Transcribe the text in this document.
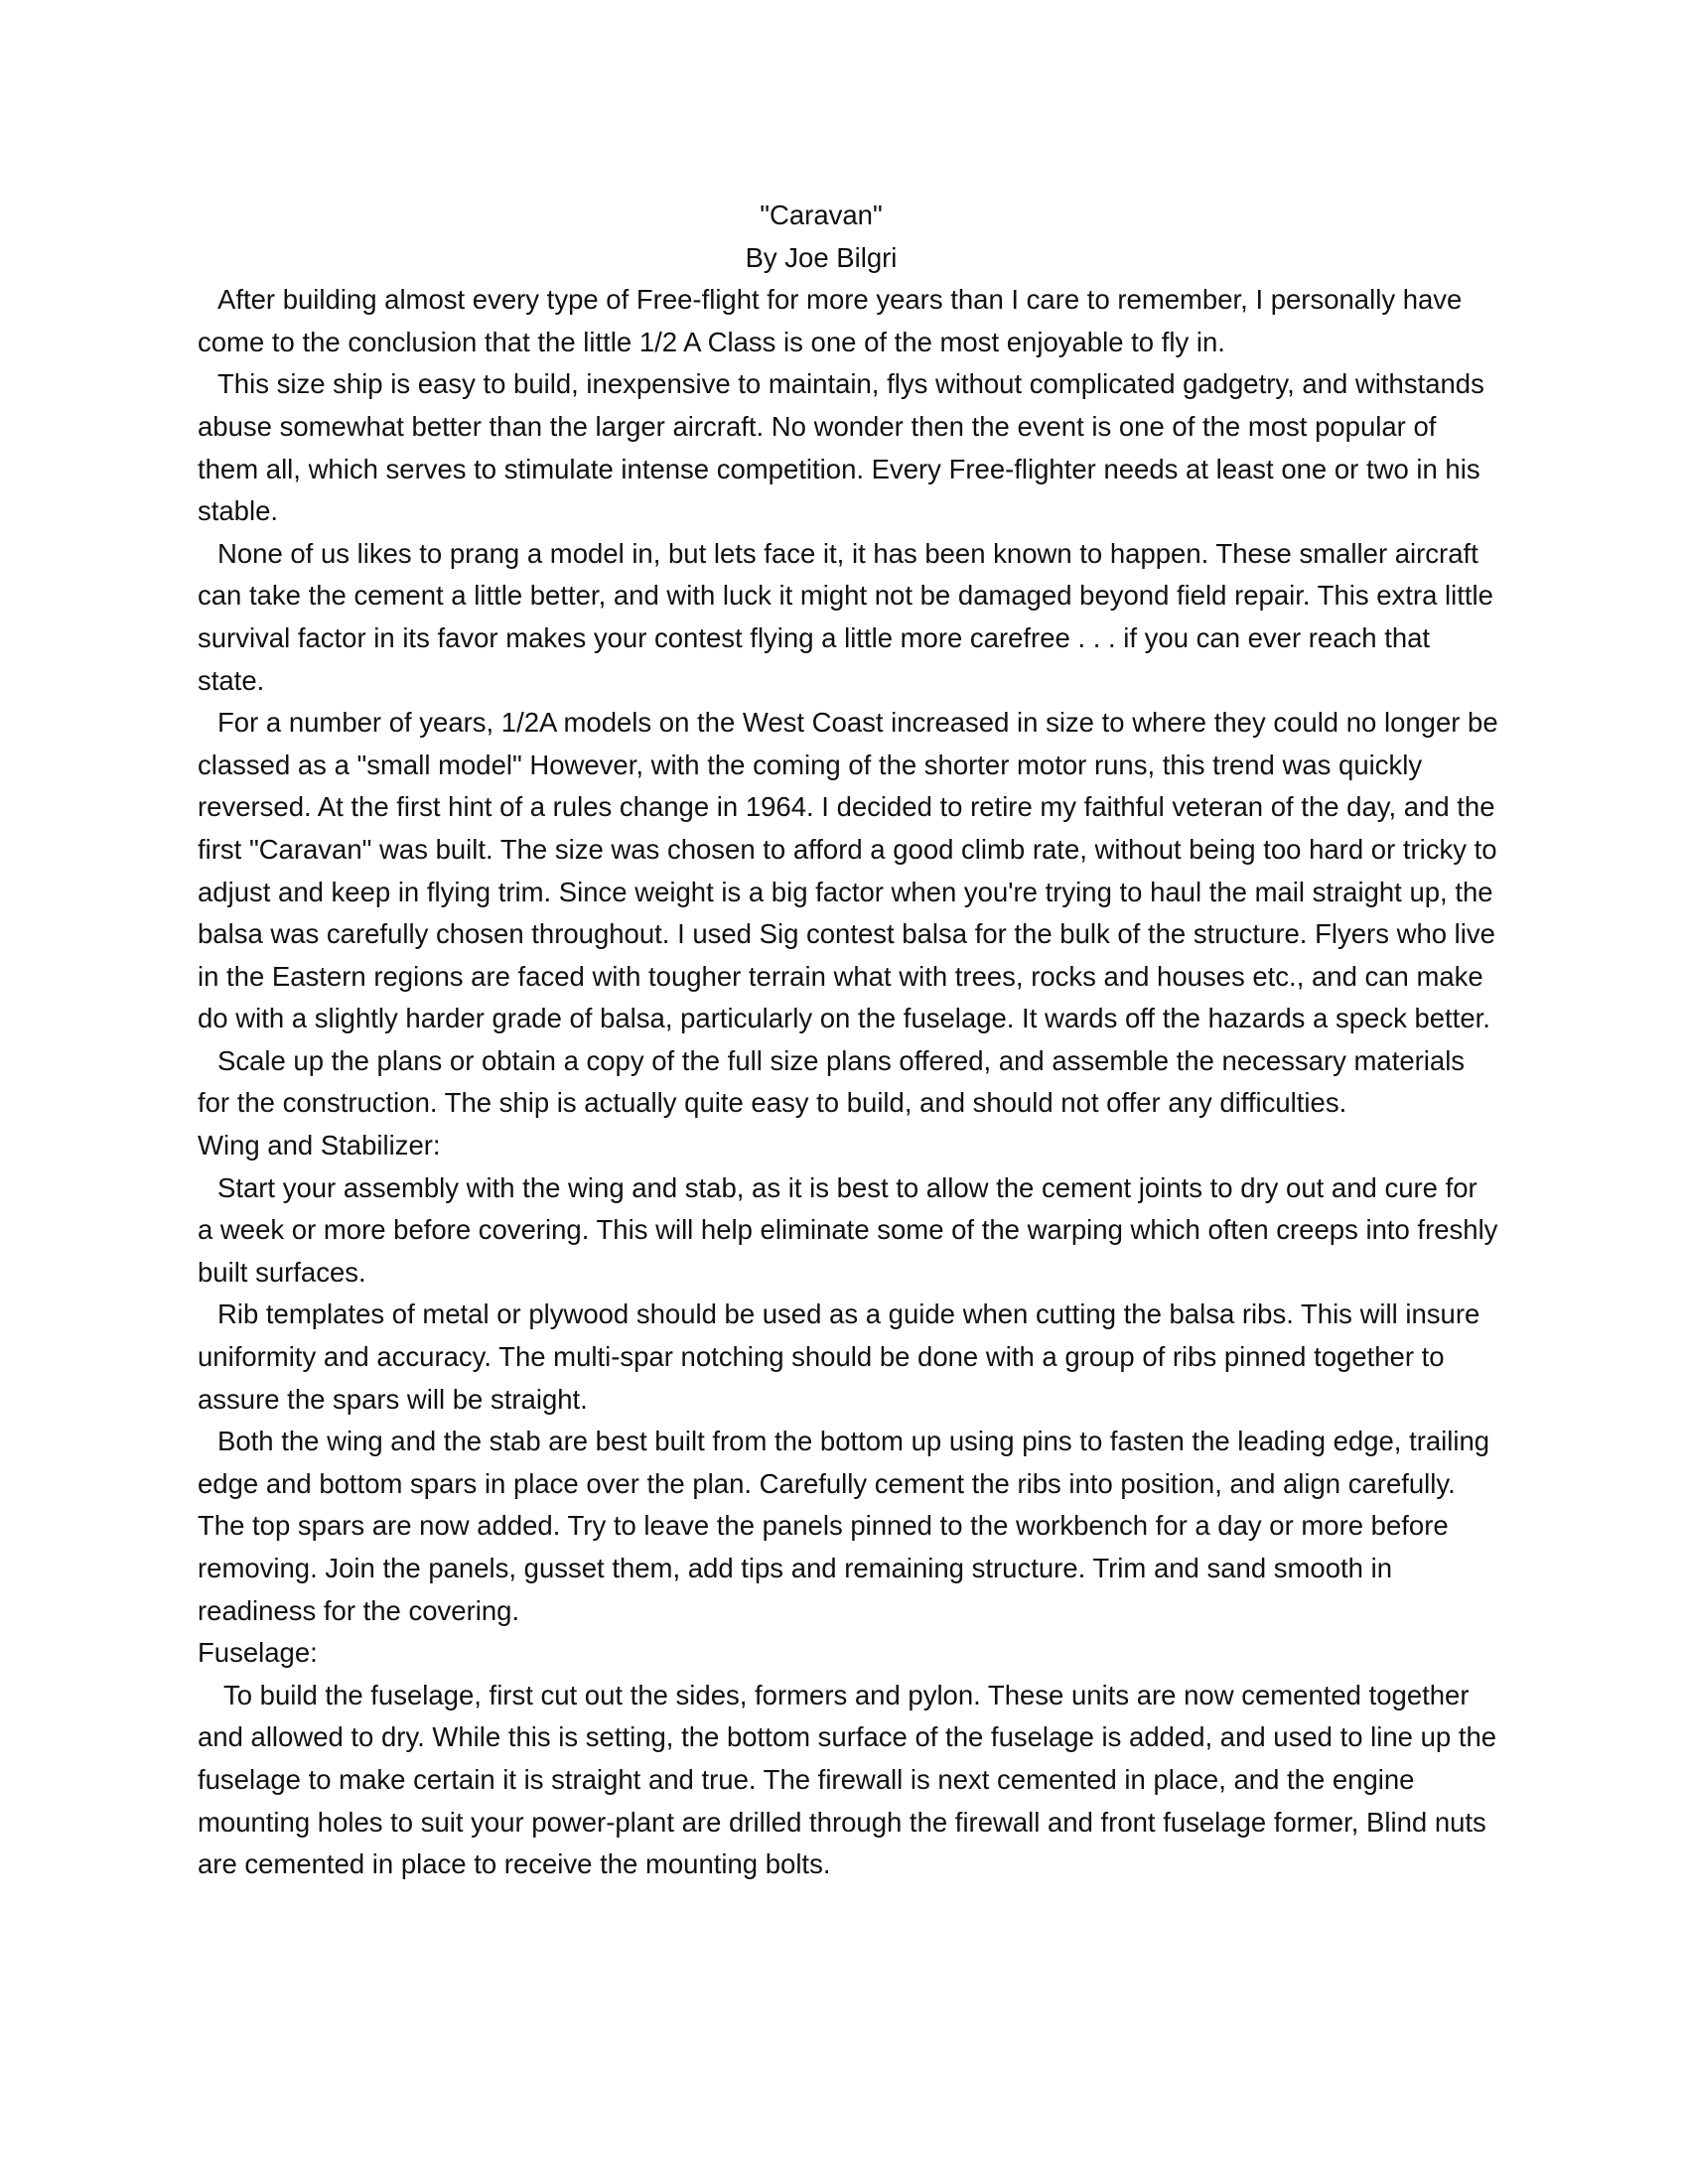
"Caravan"
By Joe Bilgri

After building almost every type of Free-flight for more years than I care to remember, I personally have come to the conclusion that the little 1/2 A Class is one of the most enjoyable to fly in.

This size ship is easy to build, inexpensive to maintain, flys without complicated gadgetry, and withstands abuse somewhat better than the larger aircraft. No wonder then the event is one of the most popular of them all, which serves to stimulate intense competition. Every Free-flighter needs at least one or two in his stable.

None of us likes to prang a model in, but lets face it, it has been known to happen. These smaller aircraft can take the cement a little better, and with luck it might not be damaged beyond field repair. This extra little survival factor in its favor makes your contest flying a little more carefree . . . if you can ever reach that state.

For a number of years, 1/2A models on the West Coast increased in size to where they could no longer be classed as a "small model" However, with the coming of the shorter motor runs, this trend was quickly reversed. At the first hint of a rules change in 1964. I decided to retire my faithful veteran of the day, and the first "Caravan" was built. The size was chosen to afford a good climb rate, without being too hard or tricky to adjust and keep in flying trim. Since weight is a big factor when you're trying to haul the mail straight up, the balsa was carefully chosen throughout. I used Sig contest balsa for the bulk of the structure. Flyers who live in the Eastern regions are faced with tougher terrain what with trees, rocks and houses etc., and can make do with a slightly harder grade of balsa, particularly on the fuselage. It wards off the hazards a speck better.

Scale up the plans or obtain a copy of the full size plans offered, and assemble the necessary materials for the construction. The ship is actually quite easy to build, and should not offer any difficulties.

Wing and Stabilizer:

Start your assembly with the wing and stab, as it is best to allow the cement joints to dry out and cure for a week or more before covering. This will help eliminate some of the warping which often creeps into freshly built surfaces.

Rib templates of metal or plywood should be used as a guide when cutting the balsa ribs. This will insure uniformity and accuracy. The multi-spar notching should be done with a group of ribs pinned together to assure the spars will be straight.

Both the wing and the stab are best built from the bottom up using pins to fasten the leading edge, trailing edge and bottom spars in place over the plan. Carefully cement the ribs into position, and align carefully. The top spars are now added. Try to leave the panels pinned to the workbench for a day or more before removing. Join the panels, gusset them, add tips and remaining structure. Trim and sand smooth in readiness for the covering.

Fuselage:

To build the fuselage, first cut out the sides, formers and pylon. These units are now cemented together and allowed to dry. While this is setting, the bottom surface of the fuselage is added, and used to line up the fuselage to make certain it is straight and true. The firewall is next cemented in place, and the engine mounting holes to suit your power-plant are drilled through the firewall and front fuselage former, Blind nuts are cemented in place to receive the mounting bolts.
